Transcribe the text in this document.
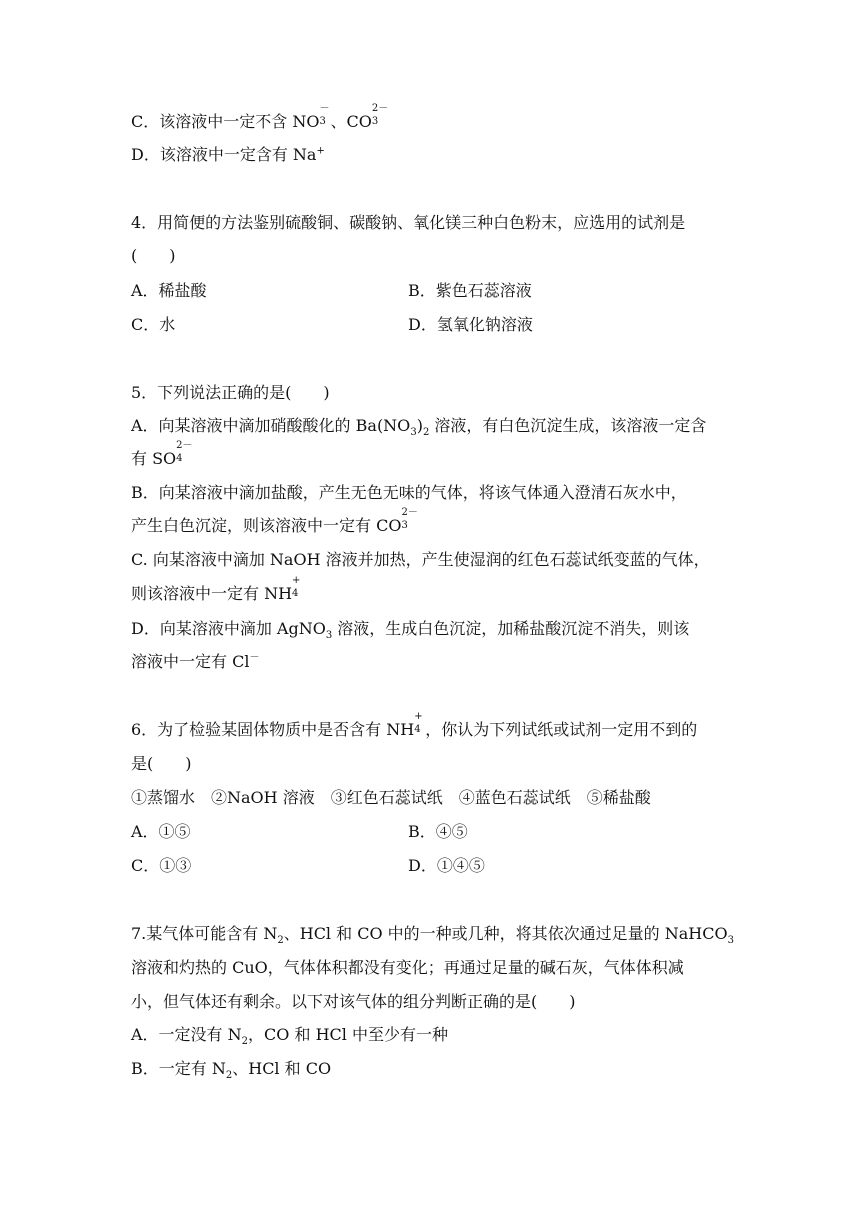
C．该溶液中一定不含 NO
－
3 、CO
2－
3
D．该溶液中一定含有 Na+
4．用简便的方法鉴别硫酸铜、碳酸钠、氧化镁三种白色粉末，应选用的试剂是
(　　)
A．稀盐酸	B．紫色石蕊溶液
C．水	D．氢氧化钠溶液
5．下列说法正确的是(　　)
A．向某溶液中滴加硝酸酸化的 $Ba(NO_3)_2$ 溶液，有白色沉淀生成，该溶液一定含
有 SO
2－
4
B．向某溶液中滴加盐酸，产生无色无味的气体，将该气体通入澄清石灰水中，
产生白色沉淀，则该溶液中一定有 CO
2－
3
C. 向某溶液中滴加 NaOH 溶液并加热，产生使湿润的红色石蕊试纸变蓝的气体，
则该溶液中一定有 NH
+
4
D．向某溶液中滴加 AgNO$_3$ 溶液，生成白色沉淀，加稀盐酸沉淀不消失，则该
溶液中一定有 Cl－
6．为了检验某固体物质中是否含有 NH
+
4 ，你认为下列试纸或试剂一定用不到的
是(　　)
①蒸馏水　②NaOH 溶液　③红色石蕊试纸　④蓝色石蕊试纸　⑤稀盐酸
A．①⑤	B．④⑤
C．①③	D．①④⑤
7.某气体可能含有 $N_2$、HCl 和 CO 中的一种或几种，将其依次通过足量的 NaHCO$_3$
溶液和灼热的 CuO，气体体积都没有变化；再通过足量的碱石灰，气体体积减
小，但气体还有剩余。以下对该气体的组分判断正确的是(　　)
A．一定没有 $N_2$，CO 和 HCl 中至少有一种
B．一定有 $N_2$、HCl 和 CO
